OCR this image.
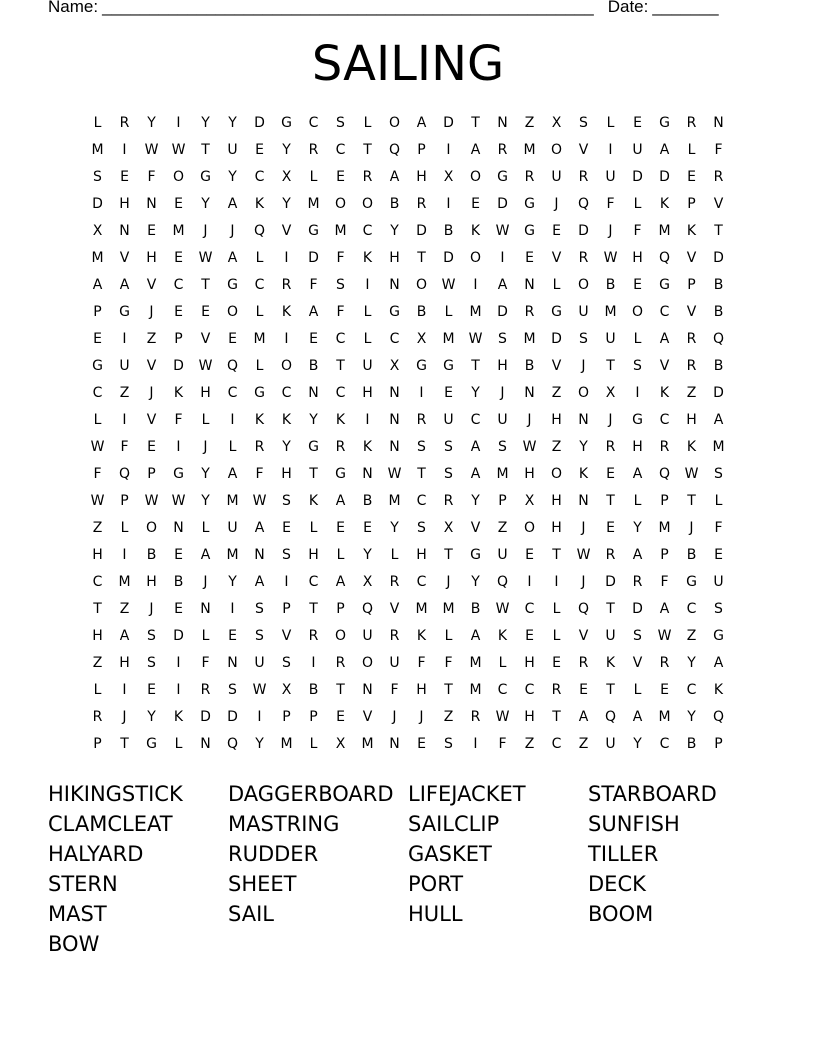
Name: ____________________________________________________ Date: _______
SAILING
L	R	Y	I	Y	Y	D	G	C	S	L	O	A	D	T	N	Z	X	S	L	E	G	R	N
M	I	W W	T	U	E	Y	R	C	T	Q	P	I	A	R	M	O	V	I	U	A	L	F
S	E	F	O	G	Y	C	X	L	E	R	A	H	X	O	G	R	U	R	U	D	D	E	R
D	H	N	E	Y	A	K	Y	M	O	O	B	R	I	E	D	G	J	Q	F	L	K	P	V
X	N	E	M	J	J	Q	V	G	M	C	Y	D	B	K	W	G	E	D	J	F	M	K	T
M	V	H	E	W	A	L	I	D	F	K	H	T	D	O	I	E	V	R	W	H	Q	V	D
A	A	V	C	T	G	C	R	F	S	I	N	O	W	I	A	N	L	O	B	E	G	P	B
P	G	J	E	E	O	L	K	A	F	L	G	B	L	M	D	R	G	U	M	O	C	V	B
E	I	Z	P	V	E	M	I	E	C	L	C	X	M	W	S	M	D	S	U	L	A	R	Q
G	U	V	D	W	Q	L	O	B	T	U	X	G	G	T	H	B	V	J	T	S	V	R	B
C	Z	J	K	H	C	G	C	N	C	H	N	I	E	Y	J	N	Z	O	X	I	K	Z	D
L	I	V	F	L	I	K	K	Y	K	I	N	R	U	C	U	J	H	N	J	G	C	H	A
W	F	E	I	J	L	R	Y	G	R	K	N	S	S	A	S	W	Z	Y	R	H	R	K	M
F	Q	P	G	Y	A	F	H	T	G	N	W	T	S	A	M	H	O	K	E	A	Q	W	S
W	P	W W	Y	M	W	S	K	A	B	M	C	R	Y	P	X	H	N	T	L	P	T	L
Z	L	O	N	L	U	A	E	L	E	E	Y	S	X	V	Z	O	H	J	E	Y	M	J	F
H	I	B	E	A	M	N	S	H	L	Y	L	H	T	G	U	E	T	W	R	A	P	B	E
C	M	H	B	J	Y	A	I	C	A	X	R	C	J	Y	Q	I	I	J	D	R	F	G	U
T	Z	J	E	N	I	S	P	T	P	Q	V	M	M	B	W	C	L	Q	T	D	A	C	S
H	A	S	D	L	E	S	V	R	O	U	R	K	L	A	K	E	L	V	U	S	W	Z	G
Z	H	S	I	F	N	U	S	I	R	O	U	F	F	M	L	H	E	R	K	V	R	Y	A
L	I	E	I	R	S	W	X	B	T	N	F	H	T	M	C	C	R	E	T	L	E	C	K
R	J	Y	K	D	D	I	P	P	E	V	J	J	Z	R	W	H	T	A	Q	A	M	Y	Q
P	T	G	L	N	Q	Y	M	L	X	M	N	E	S	I	F	Z	C	Z	U	Y	C	B	P
HIKINGSTICK	DAGGERBOARD LIFEJACKET	STARBOARD
CLAMCLEAT	MASTRING	SAILCLIP	SUNFISH
HALYARD	RUDDER	GASKET	TILLER
STERN	SHEET	PORT	DECK
MAST	SAIL	HULL	BOOM
BOW
